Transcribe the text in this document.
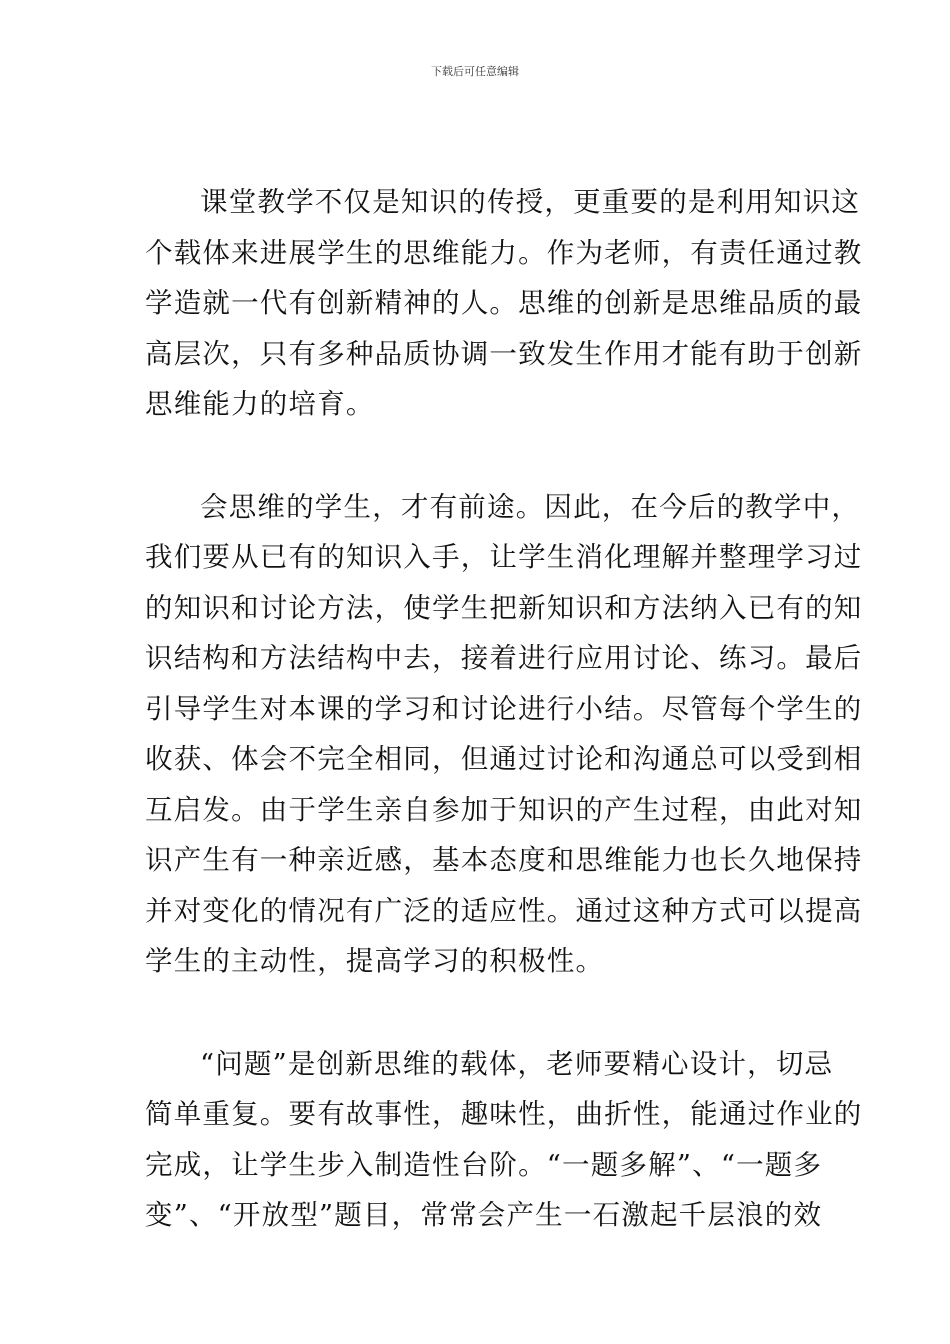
下载后可任意编辑

课堂教学不仅是知识的传授，更重要的是利用知识这
个载体来进展学生的思维能力。作为老师，有责任通过教
学造就一代有创新精神的人。思维的创新是思维品质的最
高层次，只有多种品质协调一致发生作用才能有助于创新
思维能力的培育。

会思维的学生，才有前途。因此，在今后的教学中，
我们要从已有的知识入手，让学生消化理解并整理学习过
的知识和讨论方法，使学生把新知识和方法纳入已有的知
识结构和方法结构中去，接着进行应用讨论、练习。最后
引导学生对本课的学习和讨论进行小结。尽管每个学生的
收获、体会不完全相同，但通过讨论和沟通总可以受到相
互启发。由于学生亲自参加于知识的产生过程，由此对知
识产生有一种亲近感，基本态度和思维能力也长久地保持
并对变化的情况有广泛的适应性。通过这种方式可以提高
学生的主动性，提高学习的积极性。

“问题”是创新思维的载体，老师要精心设计，切忌
简单重复。要有故事性，趣味性，曲折性，能通过作业的
完成，让学生步入制造性台阶。“一题多解”、“一题多
变”、“开放型”题目，常常会产生一石激起千层浪的效
